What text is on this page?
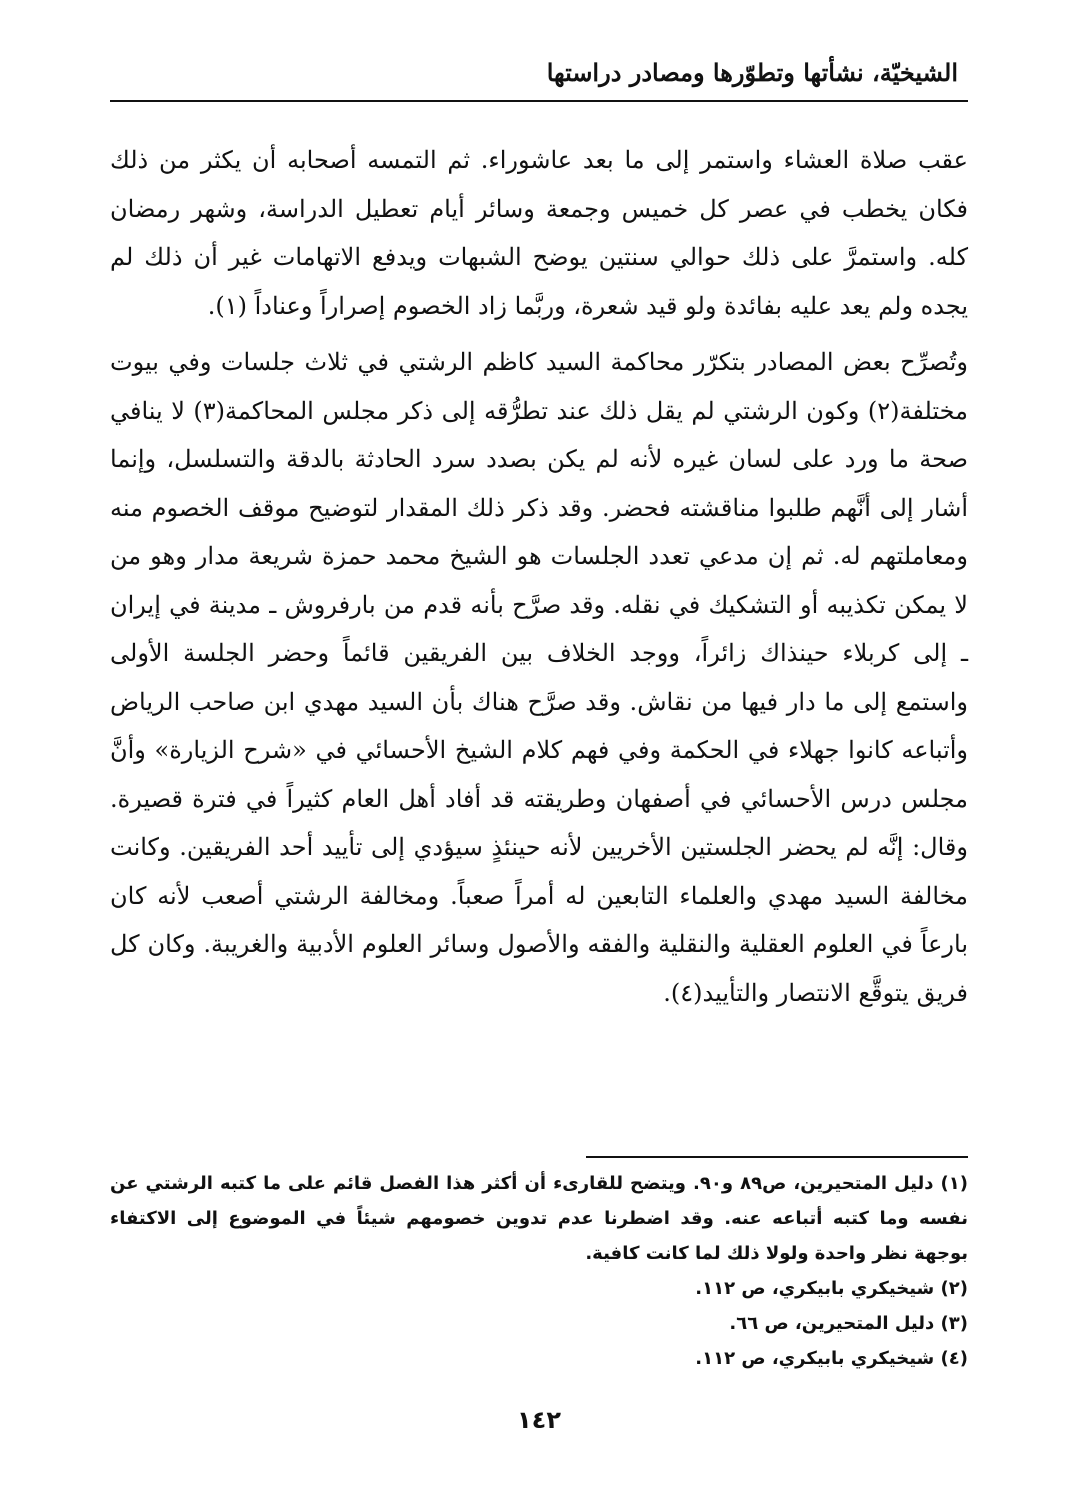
الشيخيّة، نشأتها وتطوّرها ومصادر دراستها

عقب صلاة العشاء واستمر إلى ما بعد عاشوراء. ثم التمسه أصحابه أن يكثر من ذلك فكان يخطب في عصر كل خميس وجمعة وسائر أيام تعطيل الدراسة، وشهر رمضان كله. واستمرَّ على ذلك حوالي سنتين يوضح الشبهات ويدفع الاتهامات غير أن ذلك لم يجده ولم يعد عليه بفائدة ولو قيد شعرة، وربَّما زاد الخصوم إصراراً وعناداً (١).

وتُصرِّح بعض المصادر بتكرّر محاكمة السيد كاظم الرشتي في ثلاث جلسات وفي بيوت مختلفة(٢) وكون الرشتي لم يقل ذلك عند تطرُّقه إلى ذكر مجلس المحاكمة(٣) لا ينافي صحة ما ورد على لسان غيره لأنه لم يكن بصدد سرد الحادثة بالدقة والتسلسل، وإنما أشار إلى أنَّهم طلبوا مناقشته فحضر. وقد ذكر ذلك المقدار لتوضيح موقف الخصوم منه ومعاملتهم له. ثم إن مدعي تعدد الجلسات هو الشيخ محمد حمزة شريعة مدار وهو من لا يمكن تكذيبه أو التشكيك في نقله. وقد صرَّح بأنه قدم من بارفروش ـ مدينة في إيران ـ إلى كربلاء حينذاك زائراً، ووجد الخلاف بين الفريقين قائماً وحضر الجلسة الأولى واستمع إلى ما دار فيها من نقاش. وقد صرَّح هناك بأن السيد مهدي ابن صاحب الرياض وأتباعه كانوا جهلاء في الحكمة وفي فهم كلام الشيخ الأحسائي في «شرح الزيارة» وأنَّ مجلس درس الأحسائي في أصفهان وطريقته قد أفاد أهل العام كثيراً في فترة قصيرة. وقال: إنَّه لم يحضر الجلستين الأخريين لأنه حينئذٍ سيؤدي إلى تأييد أحد الفريقين. وكانت مخالفة السيد مهدي والعلماء التابعين له أمراً صعباً. ومخالفة الرشتي أصعب لأنه كان بارعاً في العلوم العقلية والنقلية والفقه والأصول وسائر العلوم الأدبية والغريبة. وكان كل فريق يتوقَّع الانتصار والتأييد(٤).

(١) دليل المتحيرين، ص٨٩ و٩٠. ويتضح للقارىء أن أكثر هذا الفصل قائم على ما كتبه الرشتي عن نفسه وما كتبه أتباعه عنه. وقد اضطرنا عدم تدوين خصومهم شيئاً في الموضوع إلى الاكتفاء بوجهة نظر واحدة ولولا ذلك لما كانت كافية.

(٢) شيخيكري بابيكري، ص ١١٢.

(٣) دليل المتحيرين، ص ٦٦.

(٤) شيخيكري بابيكري، ص ١١٢.

١٤٢
